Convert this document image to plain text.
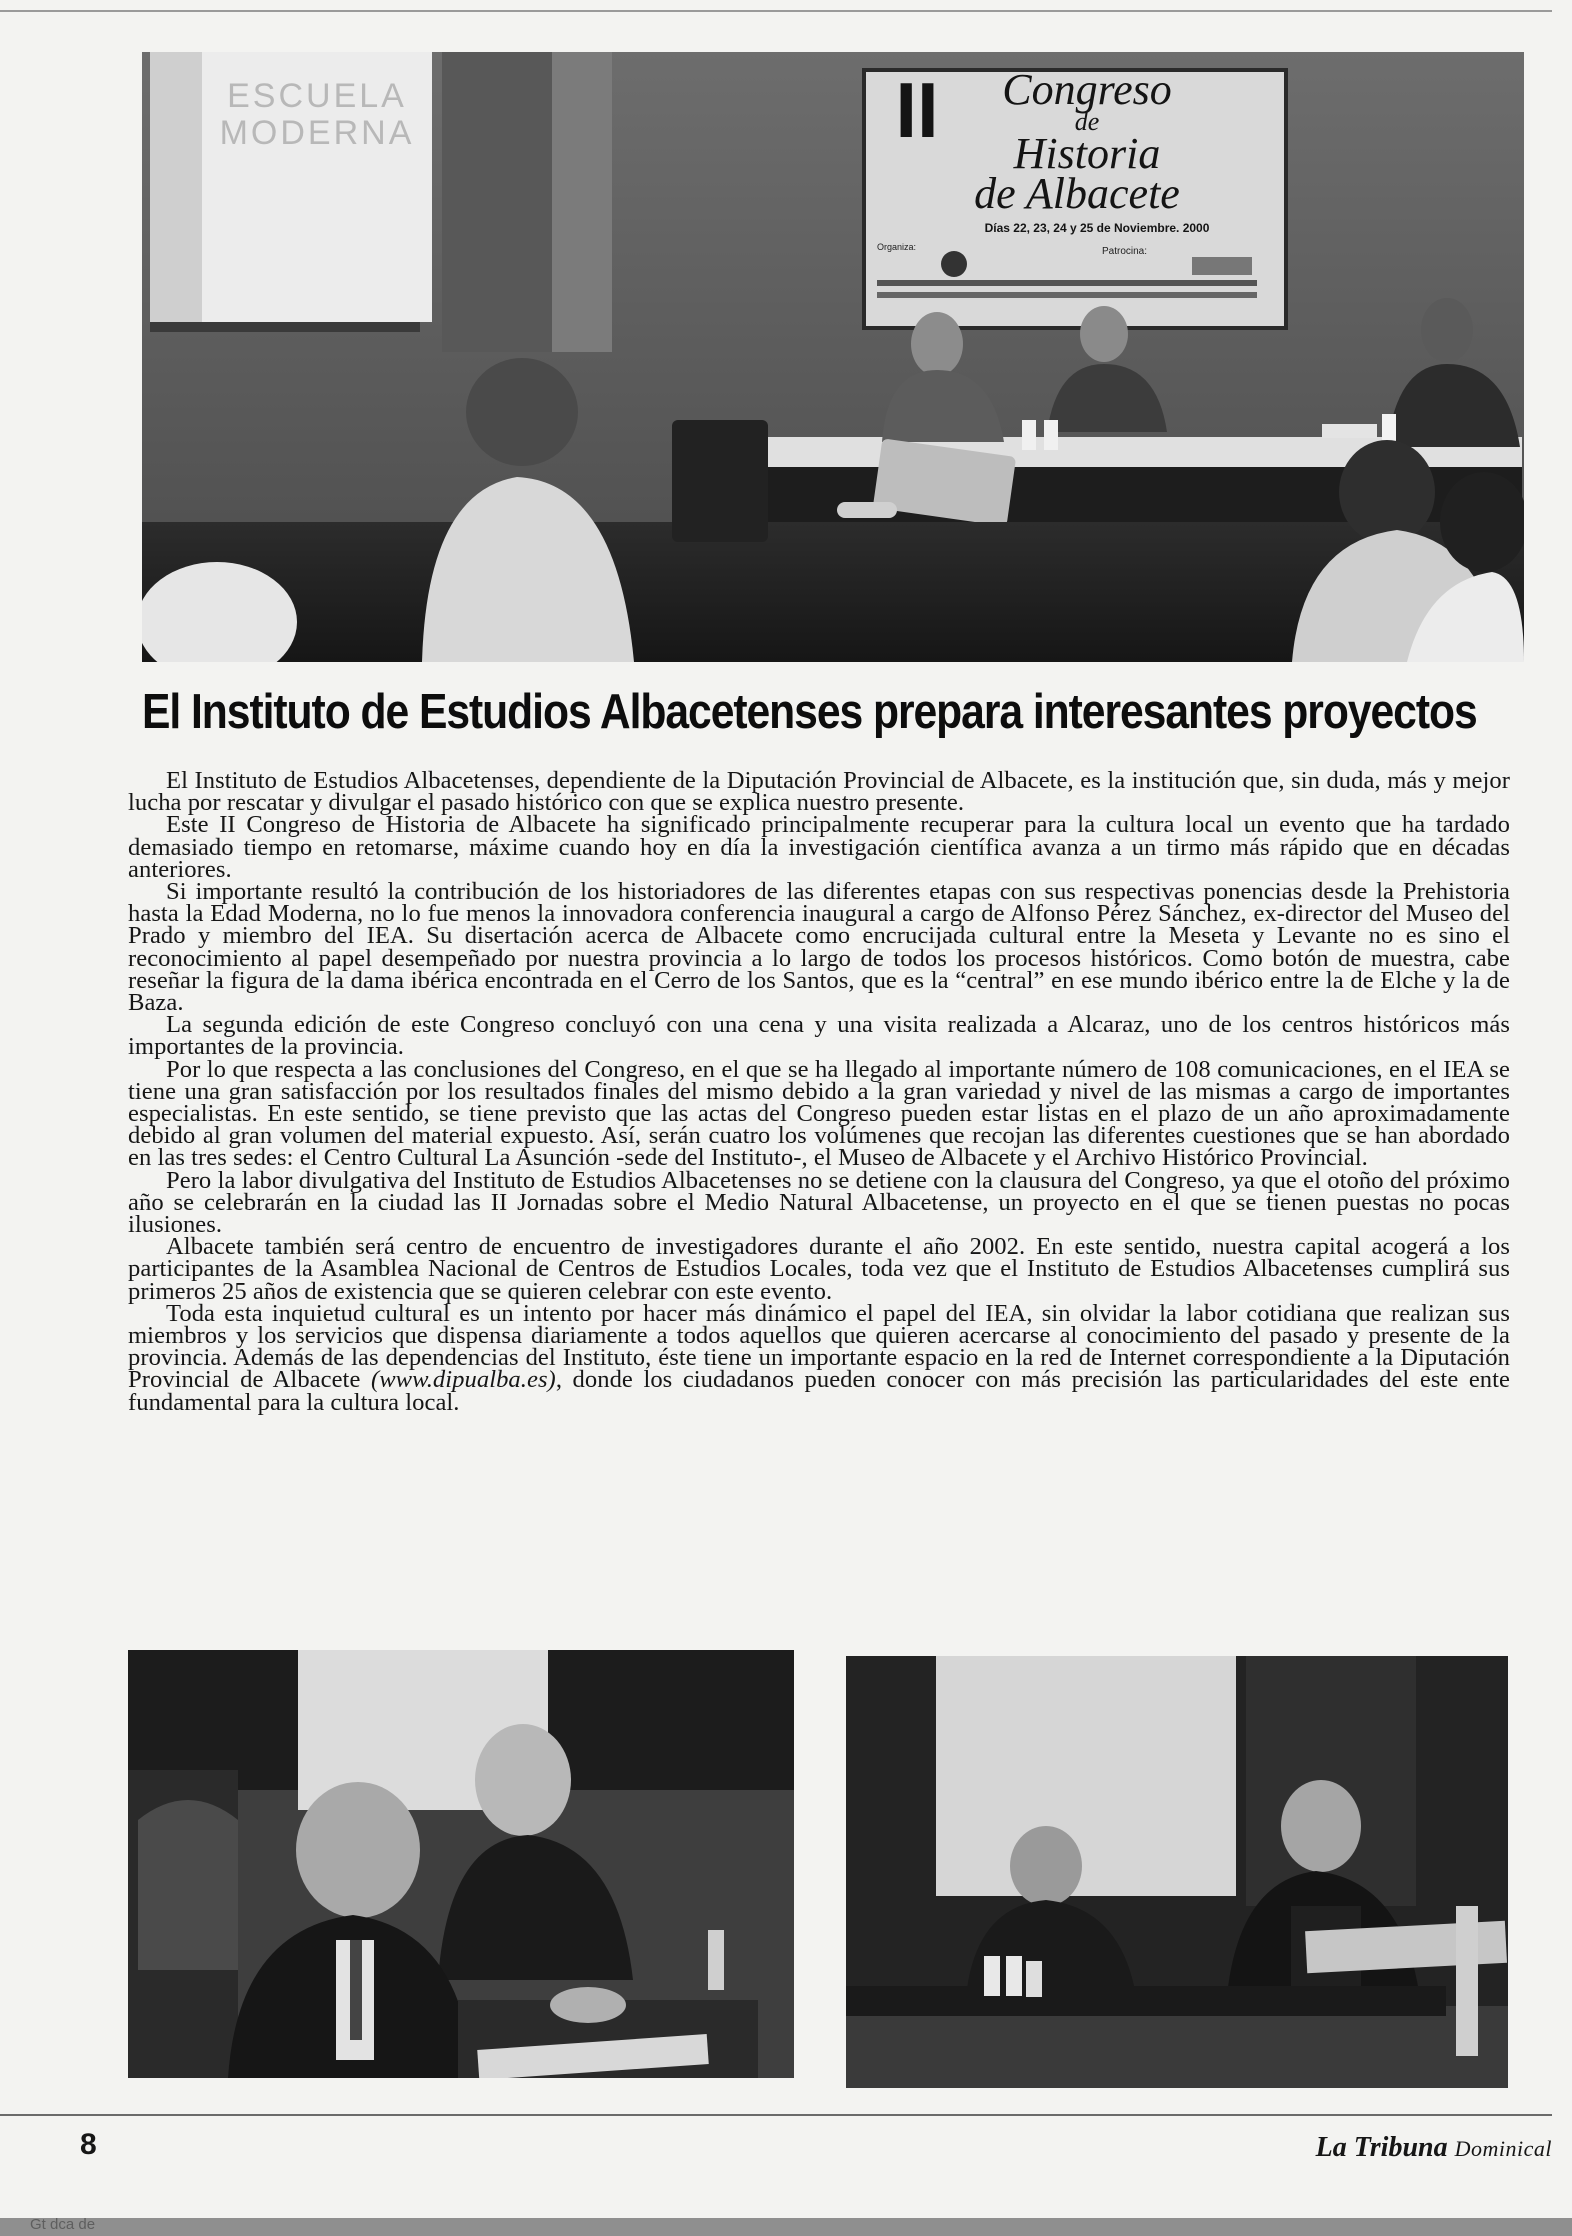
ESCUELA
MODERNA	II Congreso
de
Historia
de Albacete
Días 22, 23, 24 y 25 de Noviembre. 2000
Organiza:	Patrocina:
El Instituto de Estudios Albacetenses prepara interesantes proyectos

El Instituto de Estudios Albacetenses, dependiente de la Diputación Provincial de Albacete, es la institución que, sin duda, más y mejor lucha por rescatar y divulgar el pasado histórico con que se explica nuestro presente.

Este II Congreso de Historia de Albacete ha significado principalmente recuperar para la cultura local un evento que ha tardado demasiado tiempo en retomarse, máxime cuando hoy en día la investigación científica avanza a un tirmo más rápido que en décadas anteriores.

Si importante resultó la contribución de los historiadores de las diferentes etapas con sus respectivas ponencias desde la Prehistoria hasta la Edad Moderna, no lo fue menos la innovadora conferencia inaugural a cargo de Alfonso Pérez Sánchez, ex-director del Museo del Prado y miembro del IEA. Su disertación acerca de Albacete como encrucijada cultural entre la Meseta y Levante no es sino el reconocimiento al papel desempeñado por nuestra provincia a lo largo de todos los procesos históricos. Como botón de muestra, cabe reseñar la figura de la dama ibérica encontrada en el Cerro de los Santos, que es la “central” en ese mundo ibérico entre la de Elche y la de Baza.

La segunda edición de este Congreso concluyó con una cena y una visita realizada a Alcaraz, uno de los centros históricos más importantes de la provincia.

Por lo que respecta a las conclusiones del Congreso, en el que se ha llegado al importante número de 108 comunicaciones, en el IEA se tiene una gran satisfacción por los resultados finales del mismo debido a la gran variedad y nivel de las mismas a cargo de importantes especialistas. En este sentido, se tiene previsto que las actas del Congreso pueden estar listas en el plazo de un año aproximadamente debido al gran volumen del material expuesto. Así, serán cuatro los volúmenes que recojan las diferentes cuestiones que se han abordado en las tres sedes: el Centro Cultural La Asunción -sede del Instituto-, el Museo de Albacete y el Archivo Histórico Provincial.

Pero la labor divulgativa del Instituto de Estudios Albacetenses no se detiene con la clausura del Congreso, ya que el otoño del próximo año se celebrarán en la ciudad las II Jornadas sobre el Medio Natural Albacetense, un proyecto en el que se tienen puestas no pocas ilusiones.

Albacete también será centro de encuentro de investigadores durante el año 2002. En este sentido, nuestra capital acogerá a los participantes de la Asamblea Nacional de Centros de Estudios Locales, toda vez que el Instituto de Estudios Albacetenses cumplirá sus primeros 25 años de existencia que se quieren celebrar con este evento.

Toda esta inquietud cultural es un intento por hacer más dinámico el papel del IEA, sin olvidar la labor cotidiana que realizan sus miembros y los servicios que dispensa diariamente a todos aquellos que quieren acercarse al conocimiento del pasado y presente de la provincia. Además de las dependencias del Instituto, éste tiene un importante espacio en la red de Internet correspondiente a la Diputación Provincial de Albacete (www.dipualba.es), donde los ciudadanos pueden conocer con más precisión las particularidades del este ente fundamental para la cultura local.

8	La Tribuna Dominical
Gt dca de
